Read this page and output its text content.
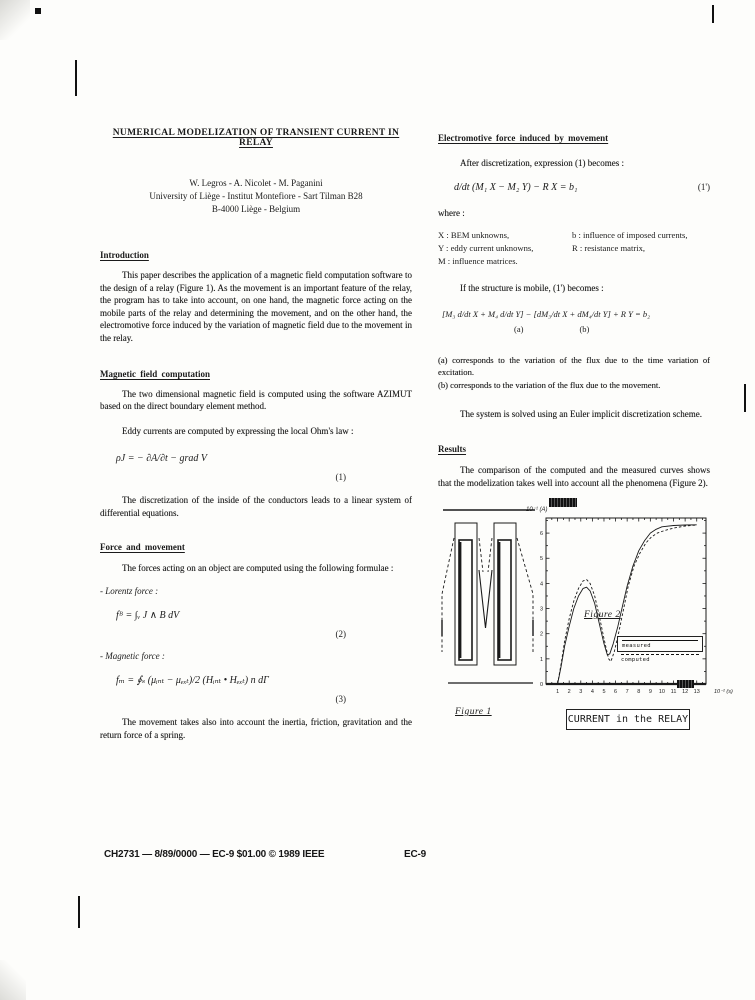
NUMERICAL MODELIZATION OF TRANSIENT CURRENT IN RELAY
W. Legros - A. Nicolet - M. Paganini
University of Liège - Institut Montefiore - Sart Tilman B28
B-4000 Liège - Belgium
Introduction
This paper describes the application of a magnetic field computation software to the design of a relay (Figure 1). As the movement is an important feature of the relay, the program has to take into account, on one hand, the magnetic force acting on the mobile parts of the relay and determining the movement, and on the other hand, the electromotive force induced by the variation of magnetic field due to the movement in the relay.
Magnetic field computation
The two dimensional magnetic field is computed using the software AZIMUT based on the direct boundary element method.
Eddy currents are computed by expressing the local Ohm's law :
ρJ = − ∂A/∂t − grad V
(1)
The discretization of the inside of the conductors leads to a linear system of differential equations.
Force and movement
The forces acting on an object are computed using the following formulae :
- Lorentz force :
fᴮ = ∫ᵥ J ∧ B dV
(2)
- Magnetic force :
fₘ = ∮ₛ (μᵢₙₜ − μₑₓₜ)/2 (Hᵢₙₜ • Hₑₓₜ) n dΓ
(3)
The movement takes also into account the inertia, friction, gravitation and the return force of a spring.
Electromotive force induced by movement
After discretization, expression (1) becomes :
d/dt (M₁ X − M₂ Y) − R X = b₁	(1')
where :
X : BEM unknowns,	b : influence of imposed currents,
Y : eddy current unknowns,	R : resistance matrix,
M : influence matrices.
If the structure is mobile, (1') becomes :
[M₃ d/dt X + M₄ d/dt Y] − [dM₃/dt X + dM₄/dt Y] + R Y = b₂
(a)	(b)
(a) corresponds to the variation of the flux due to the time variation of excitation.
(b) corresponds to the variation of the flux due to the movement.
The system is solved using an Euler implicit discretization scheme.
Results
The comparison of the computed and the measured curves shows that the modelization takes well into account all the phenomena (Figure 2).
Figure 1
1 2 3 4 5 6 7 8 9 10 11 12 13
1
2
3
4
5
6
0
10⁻¹ (A)
10⁻² (s)
Figure 2
measured
computed
CURRENT in the RELAY
CH2731 — 8/89/0000 — EC-9 $01.00 © 1989 IEEE	EC-9
